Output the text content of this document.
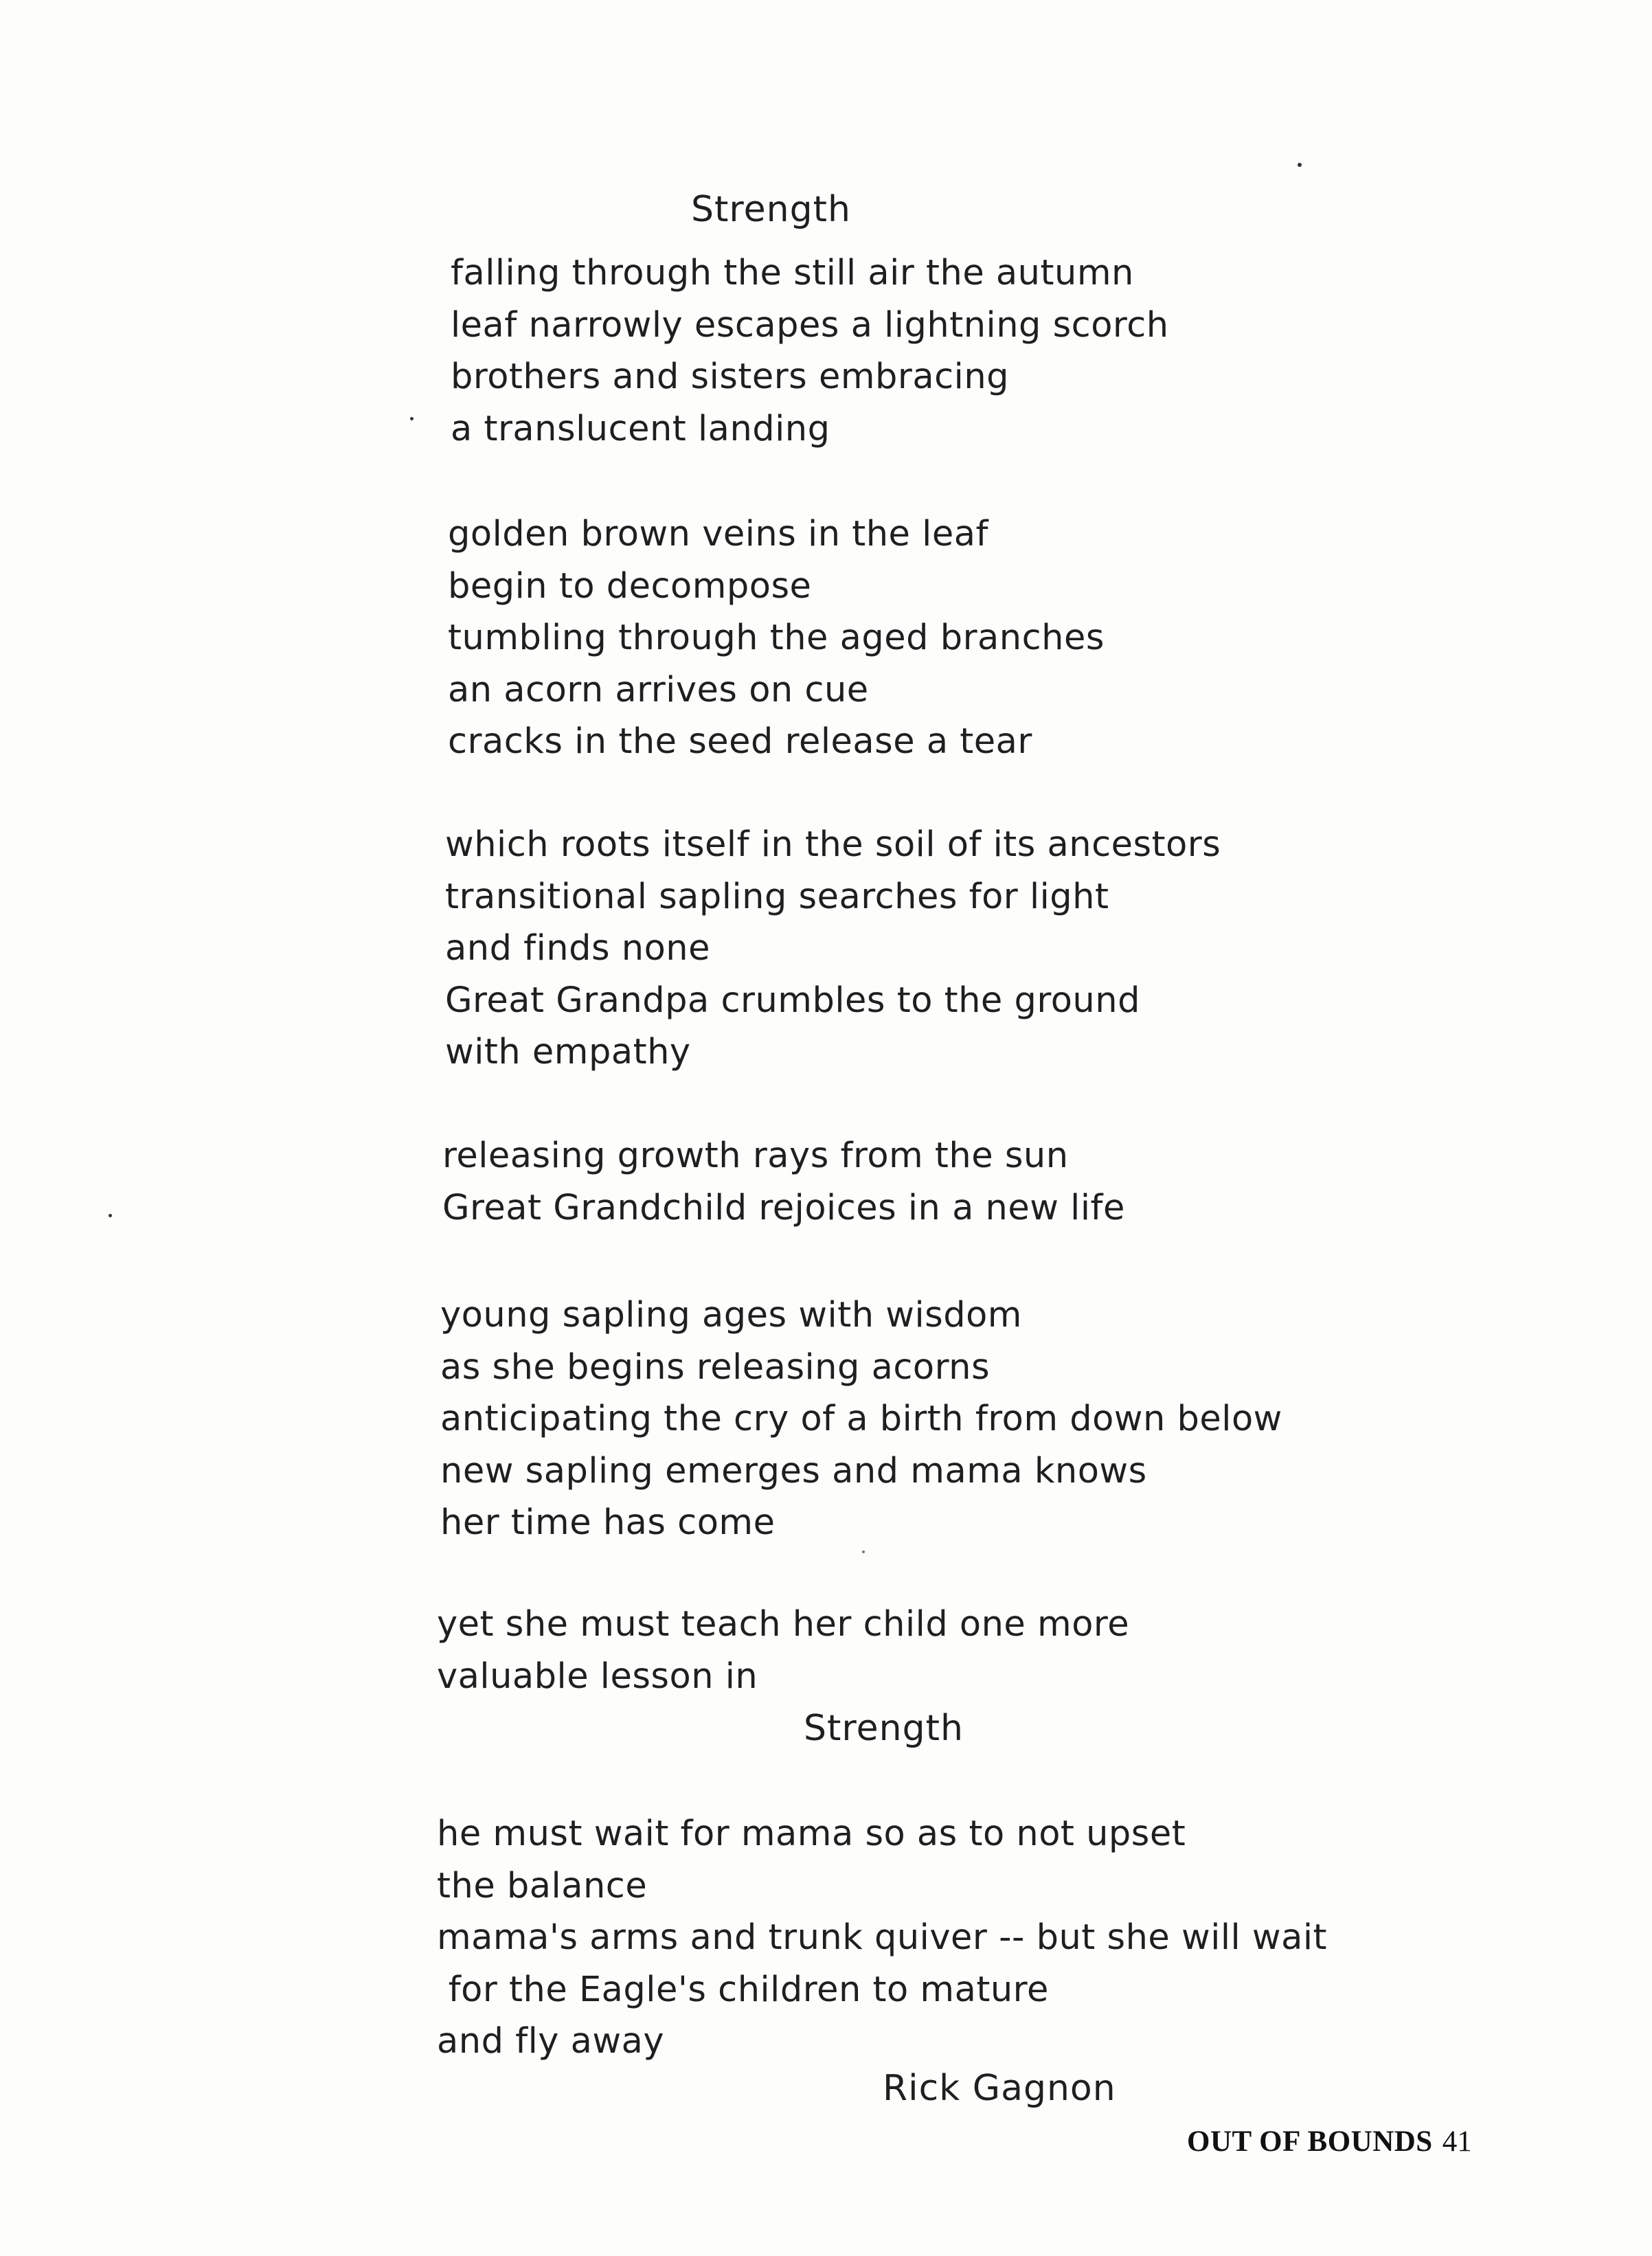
Strength
falling through the still air the autumn
leaf narrowly escapes a lightning scorch
brothers and sisters embracing
a translucent landing
golden brown veins in the leaf
begin to decompose
tumbling through the aged branches
an acorn arrives on cue
cracks in the seed release a tear
which roots itself in the soil of its ancestors
transitional sapling searches for light
and finds none
Great Grandpa crumbles to the ground
with empathy
releasing growth rays from the sun
Great Grandchild rejoices in a new life
young sapling ages with wisdom
as she begins releasing acorns
anticipating the cry of a birth from down below
new sapling emerges and mama knows
her time has come
yet she must teach her child one more
valuable lesson in
Strength
he must wait for mama so as to not upset
the balance
mama's arms and trunk quiver -- but she will wait
for the Eagle's children to mature
and fly away
Rick Gagnon
OUT OF BOUNDS 41
